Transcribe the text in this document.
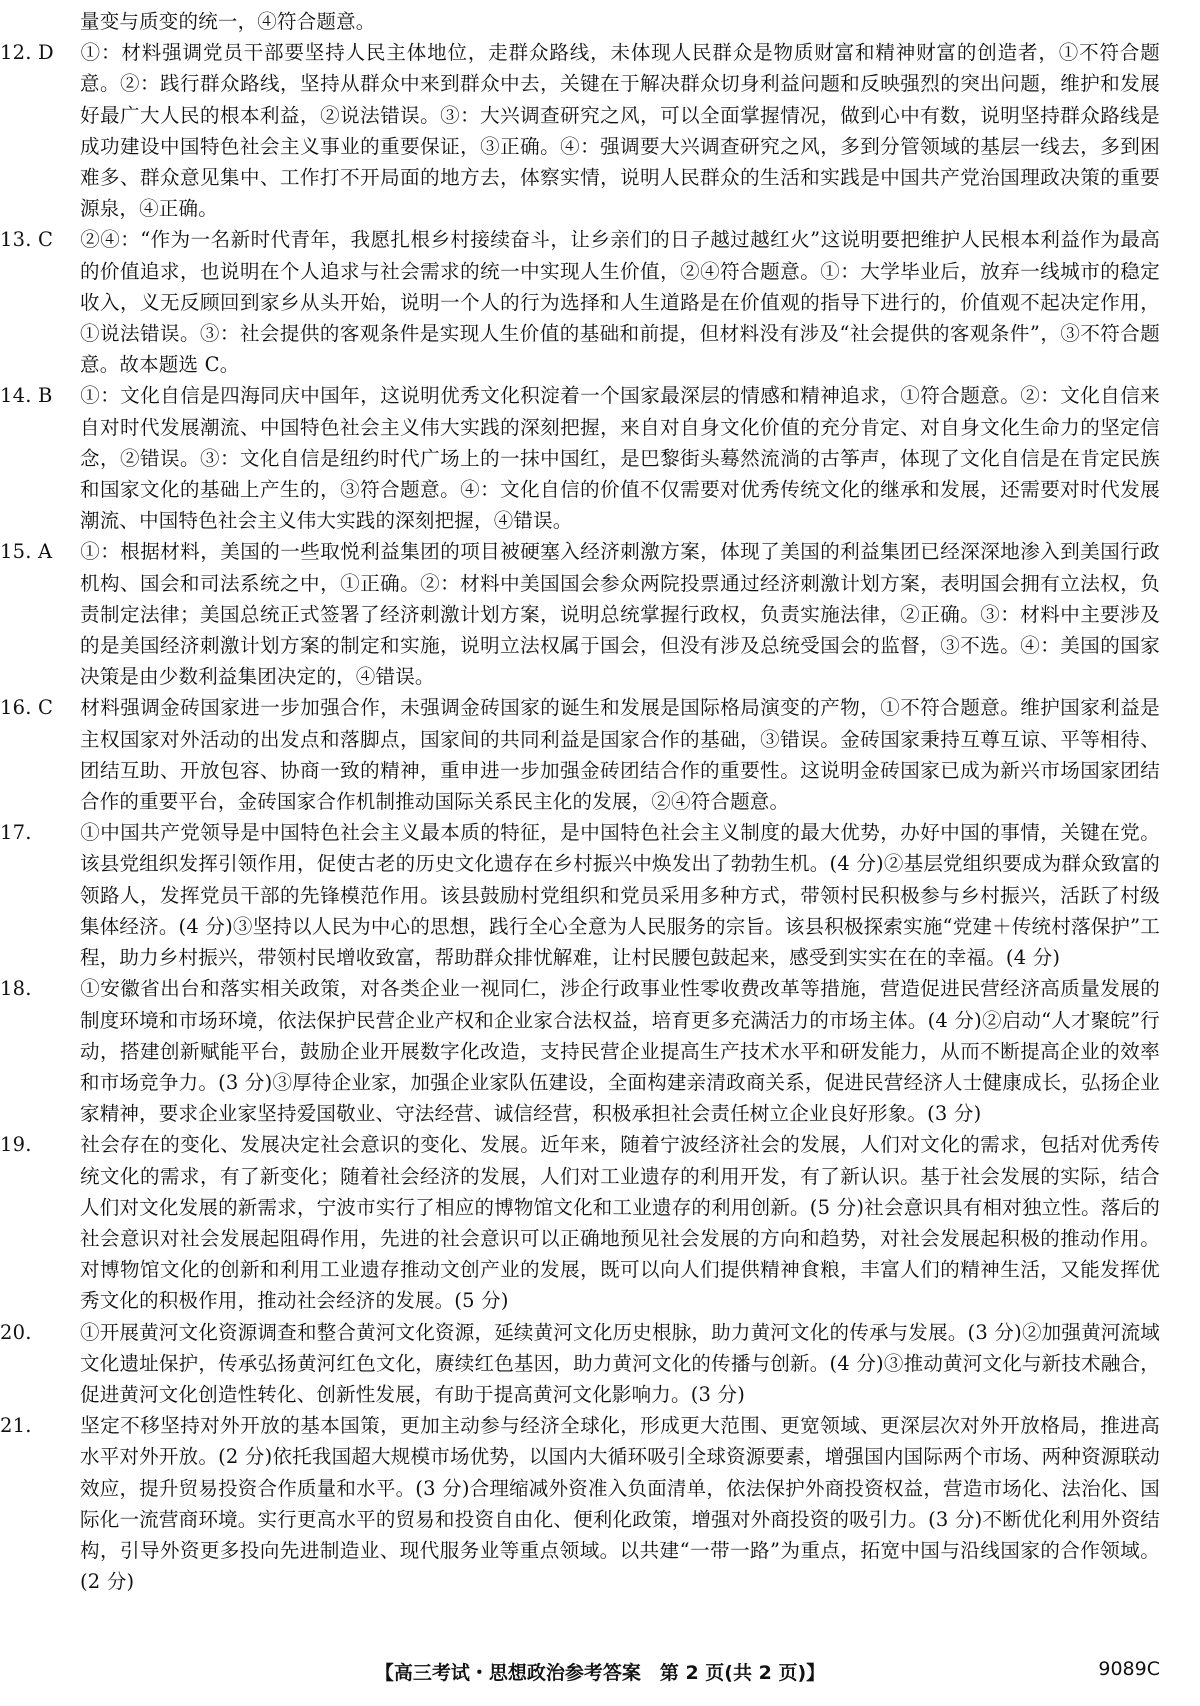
量变与质变的统一，④符合题意。
12. D ①：材料强调党员干部要坚持人民主体地位，走群众路线，未体现人民群众是物质财富和精神财富的创造者，①不符合题意。②：践行群众路线，坚持从群众中来到群众中去，关键在于解决群众切身利益问题和反映强烈的突出问题，维护和发展好最广大人民的根本利益，②说法错误。③：大兴调查研究之风，可以全面掌握情况，做到心中有数，说明坚持群众路线是成功建设中国特色社会主义事业的重要保证，③正确。④：强调要大兴调查研究之风，多到分管领域的基层一线去，多到困难多、群众意见集中、工作打不开局面的地方去，体察实情，说明人民群众的生活和实践是中国共产党治国理政决策的重要源泉，④正确。
13. C ②④：“作为一名新时代青年，我愿扎根乡村接续奋斗，让乡亲们的日子越过越红火”这说明要把维护人民根本利益作为最高的价值追求，也说明在个人追求与社会需求的统一中实现人生价值，②④符合题意。①：大学毕业后，放弃一线城市的稳定收入，义无反顾回到家乡从头开始，说明一个人的行为选择和人生道路是在价值观的指导下进行的，价值观不起决定作用，①说法错误。③：社会提供的客观条件是实现人生价值的基础和前提，但材料没有涉及“社会提供的客观条件”，③不符合题意。故本题选 C。
14. B ①：文化自信是四海同庆中国年，这说明优秀文化积淀着一个国家最深层的情感和精神追求，①符合题意。②：文化自信来自对时代发展潮流、中国特色社会主义伟大实践的深刻把握，来自对自身文化价值的充分肯定、对自身文化生命力的坚定信念，②错误。③：文化自信是纽约时代广场上的一抹中国红，是巴黎街头蓦然流淌的古筝声，体现了文化自信是在肯定民族和国家文化的基础上产生的，③符合题意。④：文化自信的价值不仅需要对优秀传统文化的继承和发展，还需要对时代发展潮流、中国特色社会主义伟大实践的深刻把握，④错误。
15. A ①：根据材料，美国的一些取悦利益集团的项目被硬塞入经济刺激方案，体现了美国的利益集团已经深深地渗入到美国行政机构、国会和司法系统之中，①正确。②：材料中美国国会参众两院投票通过经济刺激计划方案，表明国会拥有立法权，负责制定法律；美国总统正式签署了经济刺激计划方案，说明总统掌握行政权，负责实施法律，②正确。③：材料中主要涉及的是美国经济刺激计划方案的制定和实施，说明立法权属于国会，但没有涉及总统受国会的监督，③不选。④：美国的国家决策是由少数利益集团决定的，④错误。
16. C 材料强调金砖国家进一步加强合作，未强调金砖国家的诞生和发展是国际格局演变的产物，①不符合题意。维护国家利益是主权国家对外活动的出发点和落脚点，国家间的共同利益是国家合作的基础，③错误。金砖国家秉持互尊互谅、平等相待、团结互助、开放包容、协商一致的精神，重申进一步加强金砖团结合作的重要性。这说明金砖国家已成为新兴市场国家团结合作的重要平台，金砖国家合作机制推动国际关系民主化的发展，②④符合题意。
17. ①中国共产党领导是中国特色社会主义最本质的特征，是中国特色社会主义制度的最大优势，办好中国的事情，关键在党。该县党组织发挥引领作用，促使古老的历史文化遗存在乡村振兴中焕发出了勃勃生机。(4 分)②基层党组织要成为群众致富的领路人，发挥党员干部的先锋模范作用。该县鼓励村党组织和党员采用多种方式，带领村民积极参与乡村振兴，活跃了村级集体经济。(4 分)③坚持以人民为中心的思想，践行全心全意为人民服务的宗旨。该县积极探索实施“党建＋传统村落保护”工程，助力乡村振兴，带领村民增收致富，帮助群众排忧解难，让村民腰包鼓起来，感受到实实在在的幸福。(4 分)
18. ①安徽省出台和落实相关政策，对各类企业一视同仁，涉企行政事业性零收费改革等措施，营造促进民营经济高质量发展的制度环境和市场环境，依法保护民营企业产权和企业家合法权益，培育更多充满活力的市场主体。(4 分)②启动“人才聚皖”行动，搭建创新赋能平台，鼓励企业开展数字化改造，支持民营企业提高生产技术水平和研发能力，从而不断提高企业的效率和市场竞争力。(3 分)③厚待企业家，加强企业家队伍建设，全面构建亲清政商关系，促进民营经济人士健康成长，弘扬企业家精神，要求企业家坚持爱国敬业、守法经营、诚信经营，积极承担社会责任树立企业良好形象。(3 分)
19. 社会存在的变化、发展决定社会意识的变化、发展。近年来，随着宁波经济社会的发展，人们对文化的需求，包括对优秀传统文化的需求，有了新变化；随着社会经济的发展，人们对工业遗存的利用开发，有了新认识。基于社会发展的实际，结合人们对文化发展的新需求，宁波市实行了相应的博物馆文化和工业遗存的利用创新。(5 分)社会意识具有相对独立性。落后的社会意识对社会发展起阻碍作用，先进的社会意识可以正确地预见社会发展的方向和趋势，对社会发展起积极的推动作用。对博物馆文化的创新和利用工业遗存推动文创产业的发展，既可以向人们提供精神食粮，丰富人们的精神生活，又能发挥优秀文化的积极作用，推动社会经济的发展。(5 分)
20. ①开展黄河文化资源调查和整合黄河文化资源，延续黄河文化历史根脉，助力黄河文化的传承与发展。(3 分)②加强黄河流域文化遗址保护，传承弘扬黄河红色文化，赓续红色基因，助力黄河文化的传播与创新。(4 分)③推动黄河文化与新技术融合，促进黄河文化创造性转化、创新性发展，有助于提高黄河文化影响力。(3 分)
21. 坚定不移坚持对外开放的基本国策，更加主动参与经济全球化，形成更大范围、更宽领域、更深层次对外开放格局，推进高水平对外开放。(2 分)依托我国超大规模市场优势，以国内大循环吸引全球资源要素，增强国内国际两个市场、两种资源联动效应，提升贸易投资合作质量和水平。(3 分)合理缩减外资准入负面清单，依法保护外商投资权益，营造市场化、法治化、国际化一流营商环境。实行更高水平的贸易和投资自由化、便利化政策，增强对外商投资的吸引力。(3 分)不断优化利用外资结构，引导外资更多投向先进制造业、现代服务业等重点领域。以共建“一带一路”为重点，拓宽中国与沿线国家的合作领域。(2 分)
【高三考试・思想政治参考答案　第 2 页(共 2 页)】	9089C
